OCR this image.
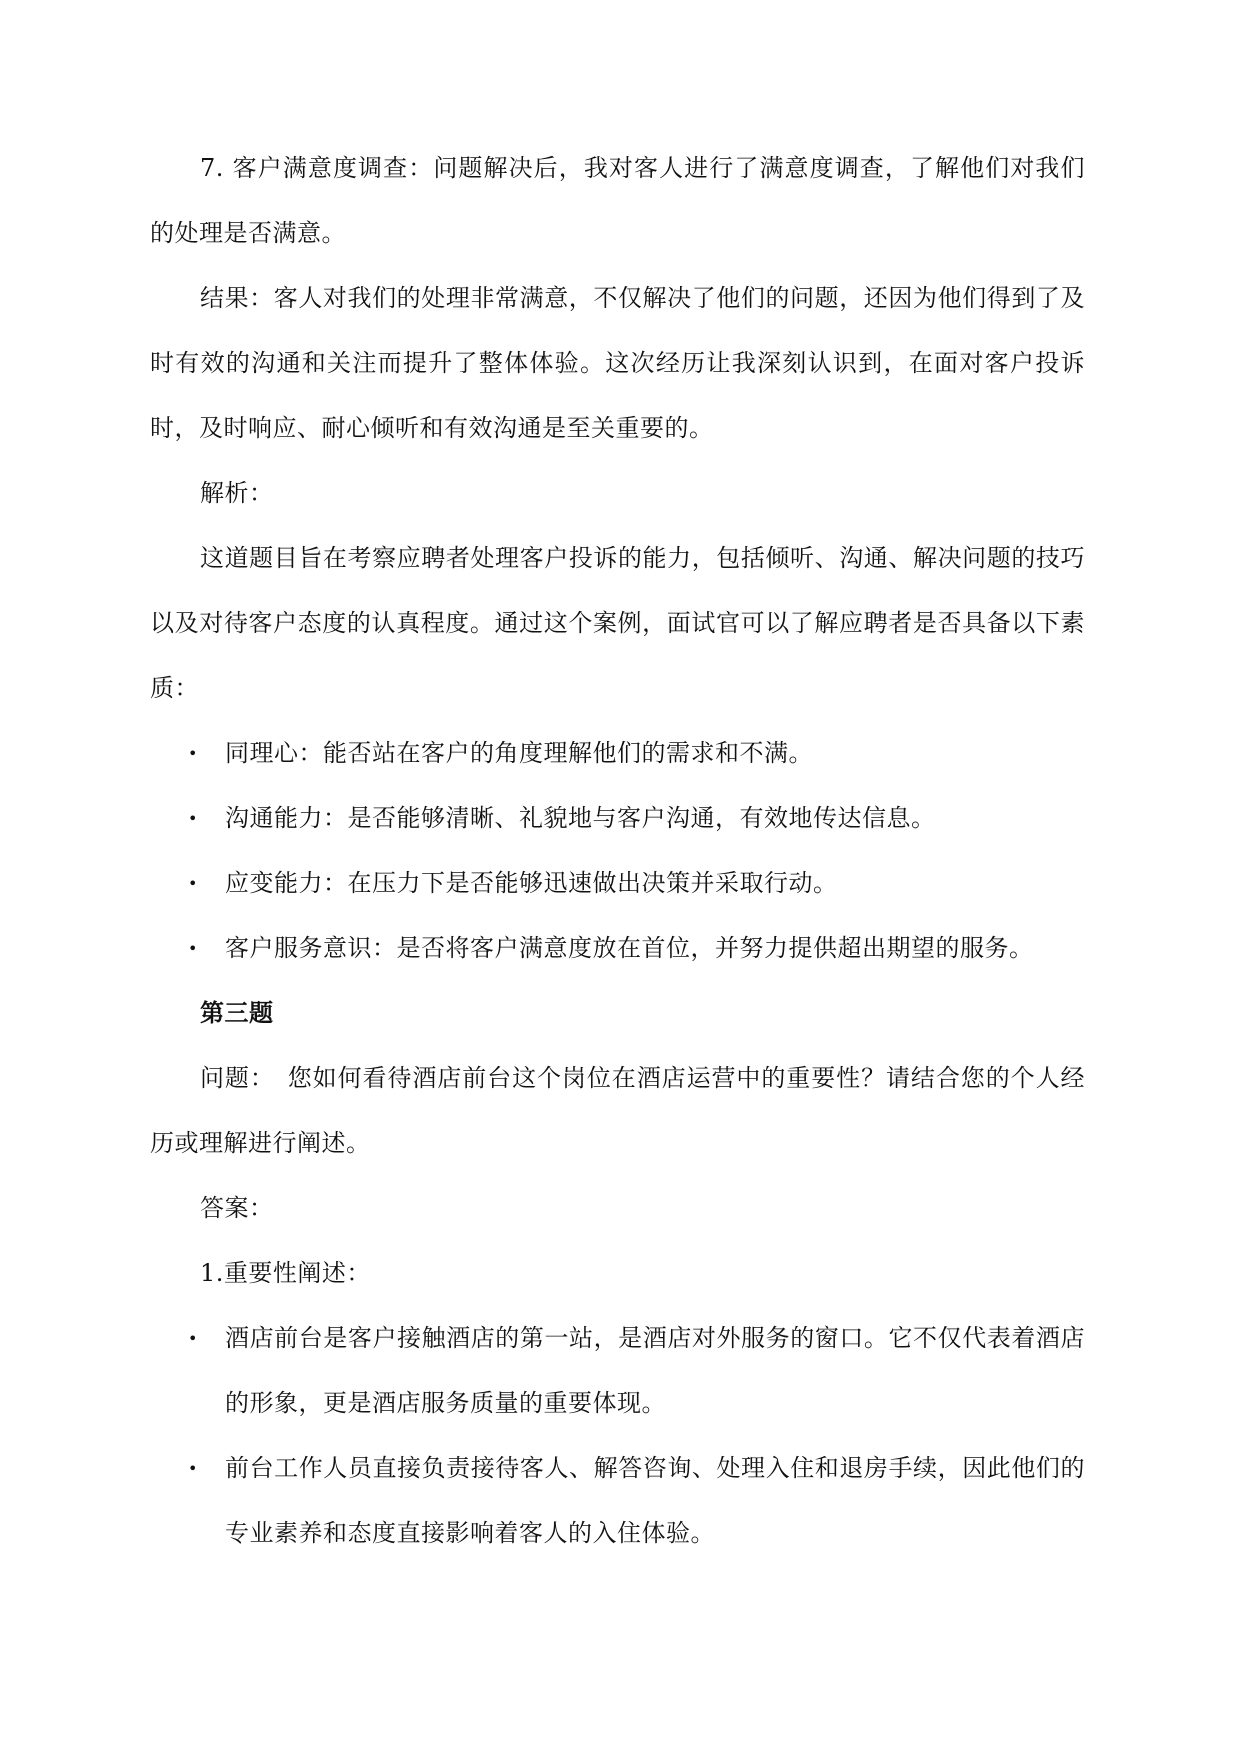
7. 客户满意度调查：问题解决后，我对客人进行了满意度调查，了解他们对我们的处理是否满意。

结果：客人对我们的处理非常满意，不仅解决了他们的问题，还因为他们得到了及时有效的沟通和关注而提升了整体体验。这次经历让我深刻认识到，在面对客户投诉时，及时响应、耐心倾听和有效沟通是至关重要的。

解析：

这道题目旨在考察应聘者处理客户投诉的能力，包括倾听、沟通、解决问题的技巧以及对待客户态度的认真程度。通过这个案例，面试官可以了解应聘者是否具备以下素质：

• 同理心：能否站在客户的角度理解他们的需求和不满。
• 沟通能力：是否能够清晰、礼貌地与客户沟通，有效地传达信息。
• 应变能力：在压力下是否能够迅速做出决策并采取行动。
• 客户服务意识：是否将客户满意度放在首位，并努力提供超出期望的服务。

第三题

问题：　您如何看待酒店前台这个岗位在酒店运营中的重要性？请结合您的个人经历或理解进行阐述。

答案：

1.重要性阐述：

• 酒店前台是客户接触酒店的第一站，是酒店对外服务的窗口。它不仅代表着酒店的形象，更是酒店服务质量的重要体现。
• 前台工作人员直接负责接待客人、解答咨询、处理入住和退房手续，因此他们的专业素养和态度直接影响着客人的入住体验。
